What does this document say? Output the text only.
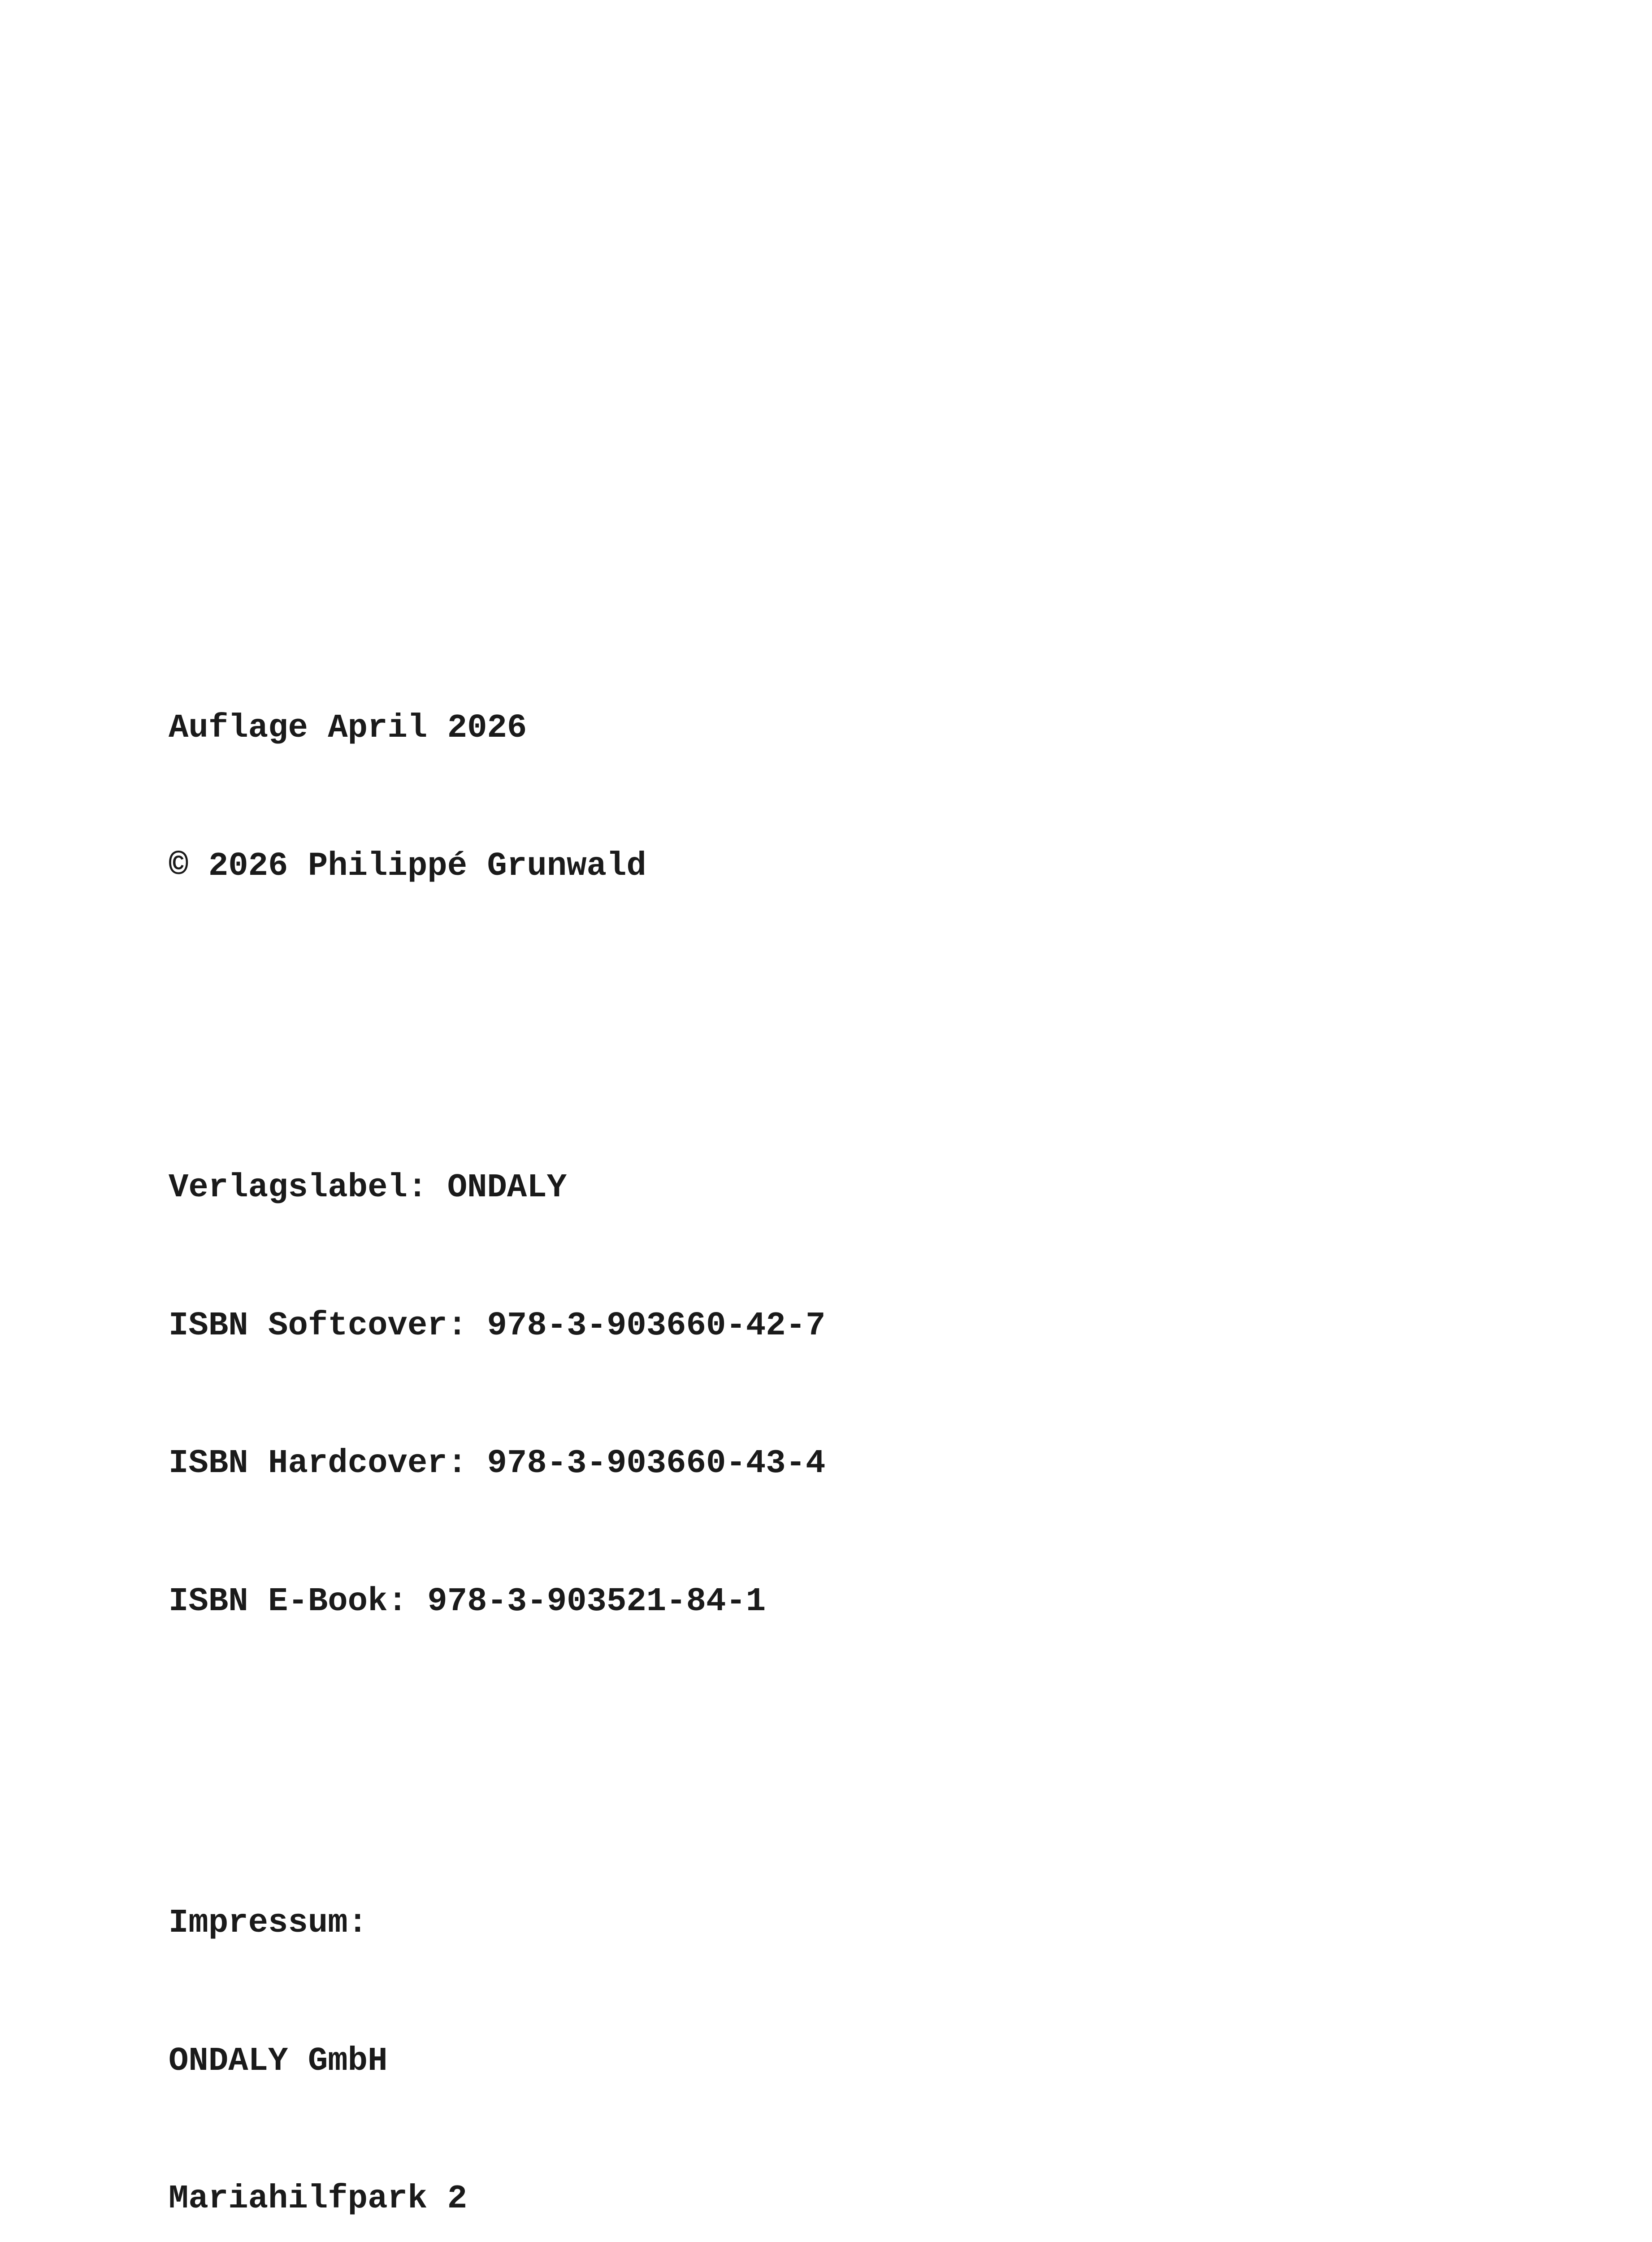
Auflage April 2026

© 2026 Philippé Grunwald

Verlagslabel: ONDALY

ISBN Softcover: 978-3-903660-42-7

ISBN Hardcover: 978-3-903660-43-4

ISBN E-Book: 978-3-903521-84-1

Impressum:

ONDALY GmbH

Mariahilfpark 2
